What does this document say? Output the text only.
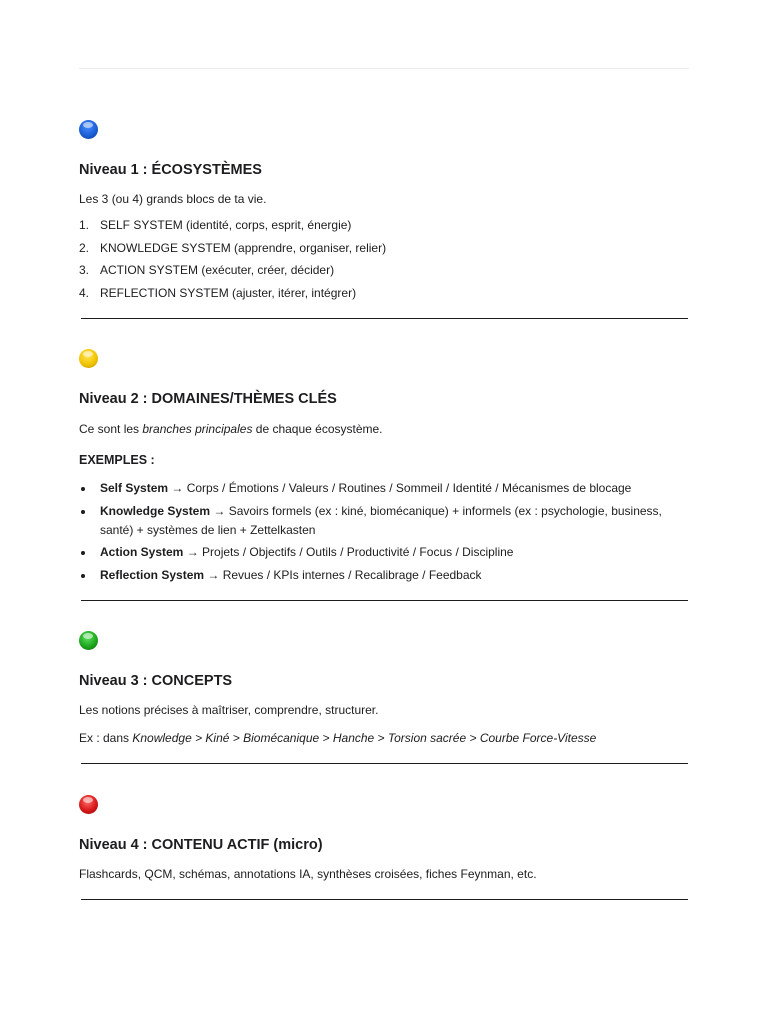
Niveau 1 : ÉCOSYSTÈMES

Les 3 (ou 4) grands blocs de ta vie.

1. SELF SYSTEM (identité, corps, esprit, énergie)
2. KNOWLEDGE SYSTEM (apprendre, organiser, relier)
3. ACTION SYSTEM (exécuter, créer, décider)
4. REFLECTION SYSTEM (ajuster, itérer, intégrer)
Niveau 2 : DOMAINES/THÈMES CLÉS

Ce sont les branches principales de chaque écosystème.

EXEMPLES :

Self System → Corps / Émotions / Valeurs / Routines / Sommeil / Identité / Mécanismes de blocage
Knowledge System → Savoirs formels (ex : kiné, biomécanique) + informels (ex : psychologie, business, santé) + systèmes de lien + Zettelkasten
Action System → Projets / Objectifs / Outils / Productivité / Focus / Discipline
Reflection System → Revues / KPIs internes / Recalibrage / Feedback
Niveau 3 : CONCEPTS

Les notions précises à maîtriser, comprendre, structurer.

Ex : dans Knowledge > Kiné > Biomécanique > Hanche > Torsion sacrée > Courbe Force-Vitesse

Niveau 4 : CONTENU ACTIF (micro)

Flashcards, QCM, schémas, annotations IA, synthèses croisées, fiches Feynman, etc.
